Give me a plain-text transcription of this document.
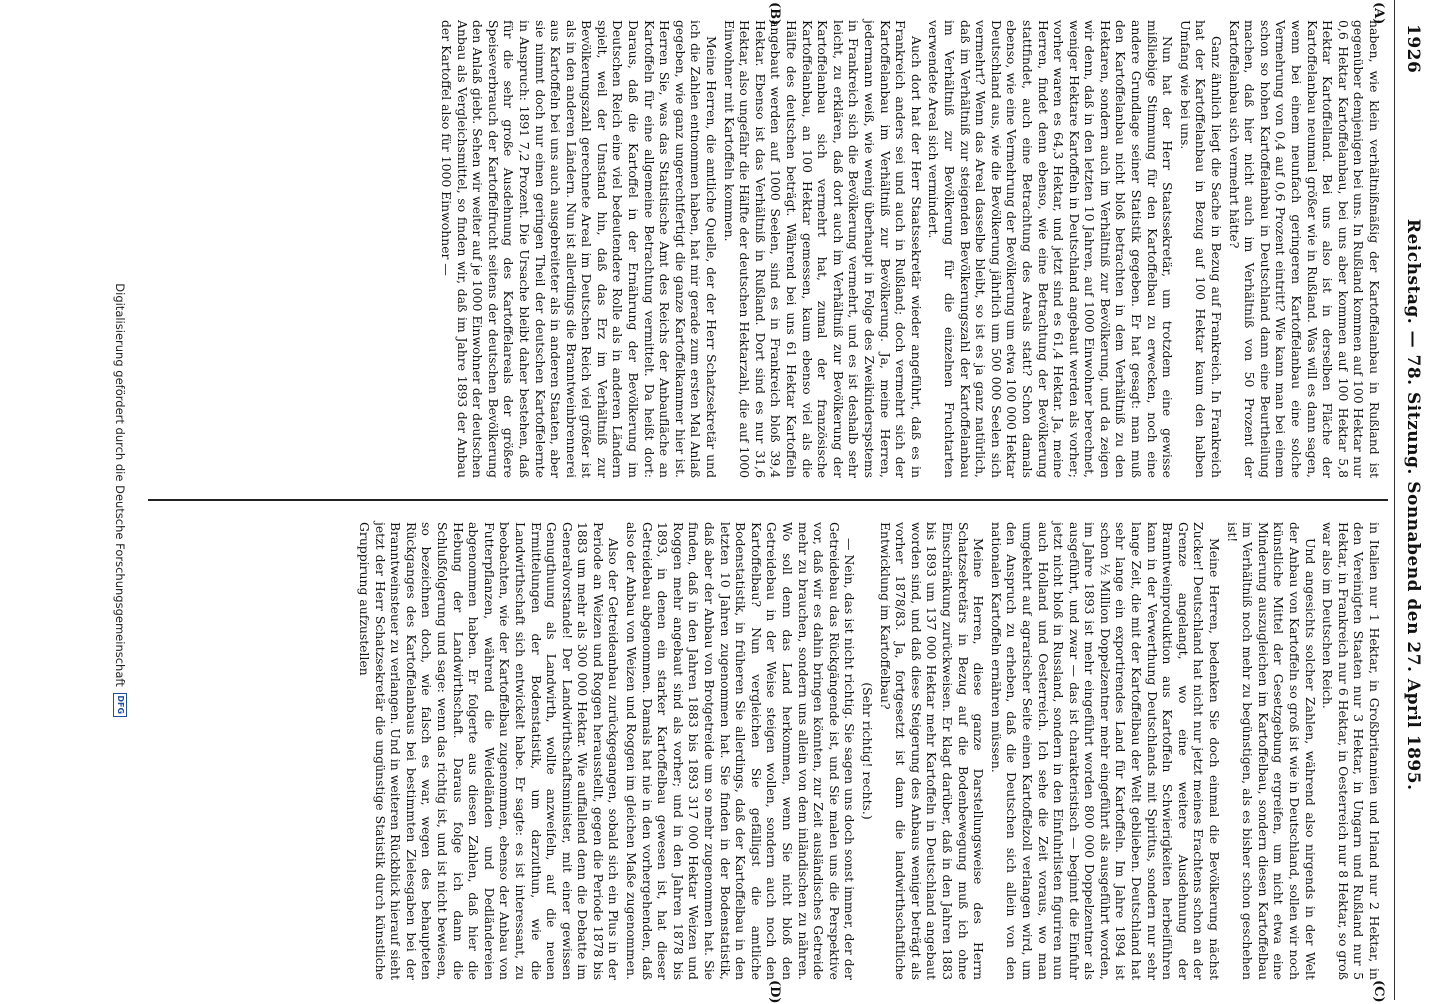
1926
Reichstag. — 78. Sitzung. Sonnabend den 27. April 1895.
(A)
(B)
(C)
(D)

haben, wie klein verhältnißmäßig der Kartoffelanbau in Rußland ist gegenüber demjenigen bei uns. In Rußland kommen auf 100 Hektar nur 0,6 Hektar Kartoffelanbau, bei uns aber kommen auf 100 Hektar 5,8 Hektar Kartoffelland. Bei uns also ist in derselben Fläche der Kartoffelanbau neunmal größer wie in Rußland. Was will es dann sagen, wenn bei einem neunfach geringeren Kartoffelanbau eine solche Vermehrung von 0,4 auf 0,6 Prozent eintritt? Wie kann man bei einem schon so hohen Kartoffelanbau in Deutschland dann eine Beurtheilung machen, daß hier nicht auch im Verhältniß von 50 Prozent der Kartoffelanbau sich vermehrt hätte?

Ganz ähnlich liegt die Sache in Bezug auf Frankreich. In Frankreich hat der Kartoffelanbau in Bezug auf 100 Hektar kaum den halben Umfang wie bei uns.

Nun hat der Herr Staatssekretär, um trotzdem eine gewisse mißliebige Stimmung für den Kartoffelbau zu erwecken, noch eine andere Grundlage seiner Statistik gegeben. Er hat gesagt: man muß den Kartoffelanbau nicht bloß betrachten in dem Verhältniß zu den Hektaren, sondern auch im Verhältniß zur Bevölkerung, und da zeigen wir denn, daß in den letzten 10 Jahren, auf 1000 Einwohner berechnet, weniger Hektare Kartoffeln in Deutschland angebaut werden als vorher; vorher waren es 64,3 Hektar, und jetzt sind es 61,4 Hektar. Ja, meine Herren, findet denn ebenso, wie eine Betrachtung der Bevölkerung stattfindet, auch eine Betrachtung des Areals statt? Schon damals ebenso, wie eine Vermehrung der Bevölkerung um etwa 100 000 Hektar Deutschland aus, wie die Bevölkerung jährlich um 500 000 Seelen sich vermehrt? Wenn das Areal dasselbe bleibt, so ist es ja ganz natürlich, daß im Verhältniß zur steigenden Bevölkerungszahl der Kartoffelanbau im Verhältniß zur Bevölkerung für die einzelnen Fruchtarten verwendete Areal sich vermindert.

Auch dort hat der Herr Staatssekretär wieder angeführt, daß es in Frankreich anders sei und auch in Rußland; doch vermehrt sich der Kartoffelanbau im Verhältniß zur Bevölkerung. Ja, meine Herren, jedermann weiß, wie wenig überhaupt in Folge des Zweikinderspstems in Frankreich sich die Bevölkerung vermehrt, und es ist deshalb sehr leicht, zu erklären, daß dort auch im Verhältniß zur Bevölkerung der Kartoffelanbau sich vermehrt hat, zumal der französische Kartoffelanbau, an 100 Hektar gemessen, kaum ebenso viel als die Hälfte des deutschen beträgt. Während bei uns 61 Hektar Kartoffeln angebaut werden auf 1000 Seelen, sind es in Frankreich bloß 39,4 Hektar. Ebenso ist das Verhältniß in Rußland. Dort sind es nur 31,6 Hektar, also ungefähr die Hälfte der deutschen Hektarzahl, die auf 1000 Einwohner mit Kartoffeln kommen.

Meine Herren, die amtliche Quelle, der der Herr Schatzsekretär und ich die Zahlen entnommen haben, hat mir gerade zum ersten Mal Anlaß gegeben, wie ganz ungerechtfertigt die ganze Kartoffelkammer hier ist. Herren Sie, was das Statistische Amt des Reichs der Anbaufläche an Kartoffeln für eine allgemeine Betrachtung vermittelt. Da heißt dort: Daraus, daß die Kartoffel in der Ernährung der Bevölkerung im Deutschen Reich eine viel bedeutendere Rolle als in anderen Ländern spielt, weil der Umstand hin, daß das Erz im Verhältniß zur Bevölkerungszahl gerechnete Areal im Deutschen Reich viel größer ist als in den anderen Ländern. Nun ist allerdings die Branntweinbrennerei aus Kartoffeln bei uns auch ausgebreiteter als in anderen Staaten, aber sie nimmt doch nur einen geringen Theil der deutschen Kartoffelernte in Anspruch: 1891 7,2 Prozent. Die Ursache bleibt daher bestehen, daß für die sehr große Ausdehnung des Kartoffelareals der größere Speiseverbrauch der Kartoffelfrucht seitens der deutschen Bevölkerung den Anlaß giebt. Sehen wir weiter auf je 1000 Einwohner der deutschen Anbau als Vergleichsmittel, so finden wir, daß im Jahre 1893 der Anbau der Kartoffel also für 1000 Einwohner —

in Italien nur 1 Hektar, in Großbritannien und Irland nur 2 Hektar, in den Vereinigten Staaten nur 3 Hektar, in Ungarn und Rußland nur 5 Hektar, in Frankreich nur 6 Hektar, in Oesterreich nur 8 Hektar, so groß war also im Deutschen Reich.

Und angesichts solcher Zahlen, während also nirgends in der Welt der Anbau von Kartoffeln so groß ist wie in Deutschland, sollen wir noch künstliche Mittel der Gesetzgebung ergreifen, um nicht etwa eine Minderung auszugleichen im Kartoffelbau, sondern diesen Kartoffelbau im Verhältniß noch mehr zu begünstigen, als es bisher schon geschehen ist!

Meine Herren, bedenken Sie doch einmal die Bevölkerung nächst Zucker! Deutschland hat nicht nur jetzt meines Erachtens schon an der Grenze angelangt, wo eine weitere Ausdehnung der Branntweinproduktion aus Kartoffeln Schwierigkeiten herbeiführen kann in der Verwerthung Deutschlands mit Spiritus, sondern nur sehr lange Zeit, die mit der Kartoffelbau der Welt geblieben. Deutschland hat sehr lange ein exportirendes Land für Kartoffeln. Im Jahre 1894 ist schon ½ Million Doppelzentner mehr eingeführt als ausgeführt worden, im Jahre 1893 ist mehr eingeführt worden 800 000 Doppelzentner als ausgeführt, und zwar — das ist charakteristisch — beginnt die Einfuhr jetzt nicht bloß in Russland, sondern in den Einfuhrlisten figuriren nun auch Holland und Oesterreich. Ich sehe die Zeit voraus, wo man umgekehrt auf agrarischer Seite einen Kartoffelzoll verlangen wird, um den Anspruch zu erheben, daß die Deutschen sich allein von den nationalen Kartoffeln ernähren müssen.

Meine Herren, diese ganze Darstellungsweise des Herrn Schatzsekretärs in Bezug auf die Bodenbewegung muß ich ohne Einschränkung zurückweisen. Er klagt darüber, daß in den Jahren 1883 bis 1893 um 137 000 Hektar mehr Kartoffeln in Deutschland angebaut worden sind, und daß diese Steigerung des Anbaus weniger beträgt als vorher 1878/83. Ja, fortgesetzt ist dann die landwirthschaftliche Entwicklung im Kartoffelbau?

(Sehr richtig! rechts.)

— Nein, das ist nicht richtig. Sie sagen uns doch sonst immer, der der Getreidebau das Rückgängende ist, und Sie malen uns die Perspektive vor, daß wir es dahin bringen könnten, zur Zeit ausländisches Getreide mehr zu brauchen, sondern uns allein von dem inländischen zu nähren. Wo soll denn das Land herkommen, wenn Sie nicht bloß den Getreidebau in der Weise steigen wollen, sondern auch noch den Kartoffelbau? Nun vergleichen Sie gefälligst die amtliche Bodenstatistik, in früheren Sie allerdings, daß der Kartoffelbau in den letzten 10 Jahren zugenommen hat. Sie finden in der Bodenstatistik, daß aber der Anbau von Brotgetreide um so mehr zugenommen hat. Sie finden, daß in den Jahren 1883 bis 1893 317 000 Hektar Weizen und Roggen mehr angebaut sind als vorher; und in den Jahren 1878 bis 1893, in denen ein starker Kartoffelbau gewesen ist, hat dieser Getreidebau abgenommen. Damals hat nie in den vorhergehenden, daß also der Anbau von Weizen und Roggen im gleichen Maße zugenommen.

Also der Getreideanbau zurückgegangen, sobald sich ein Plus in der Periode an Weizen und Roggen herausstellt, gegen die Periode 1878 bis 1883 um mehr als 300 000 Hektar. Wie auffallend denn die Debatte im Generalvorstande! Der Landwirthschaftsminister, mit einer gewissen Genugthuung als Landwirth, wollte anzweifeln, auf die neuen Ermittelungen der Bodenstatistik, um darzuthun, wie die Landwirthschaft sich entwickelt habe. Er sagte: es ist interessant, zu beobachten, wie der Kartoffelbau zugenommen, ebenso der Anbau von Futterpflanzen, während die Weideländen und Dedländereien abgenommen haben. Er folgerte aus diesen Zahlen, daß hier die Hebung der Landwirthschaft. Daraus folge ich dann die Schlußfolgerung und sage: wenn das richtig ist, und ist nicht bewiesen, so bezeichnen doch, wie falsch es war, wegen des behaupteten Rückganges des Kartoffelanbaus bei bestimmten Zielesgaben bei der Branntweinsteuer zu verlangen. Und in weiteren Rückblick hierauf sieht jetzt der Herr Schatzsekretär die ungünstige Statistik durch künstliche Gruppirung aufzustellen

Digitalisierung gefördert durch die Deutsche Forschungsgemeinschaft
DFG
